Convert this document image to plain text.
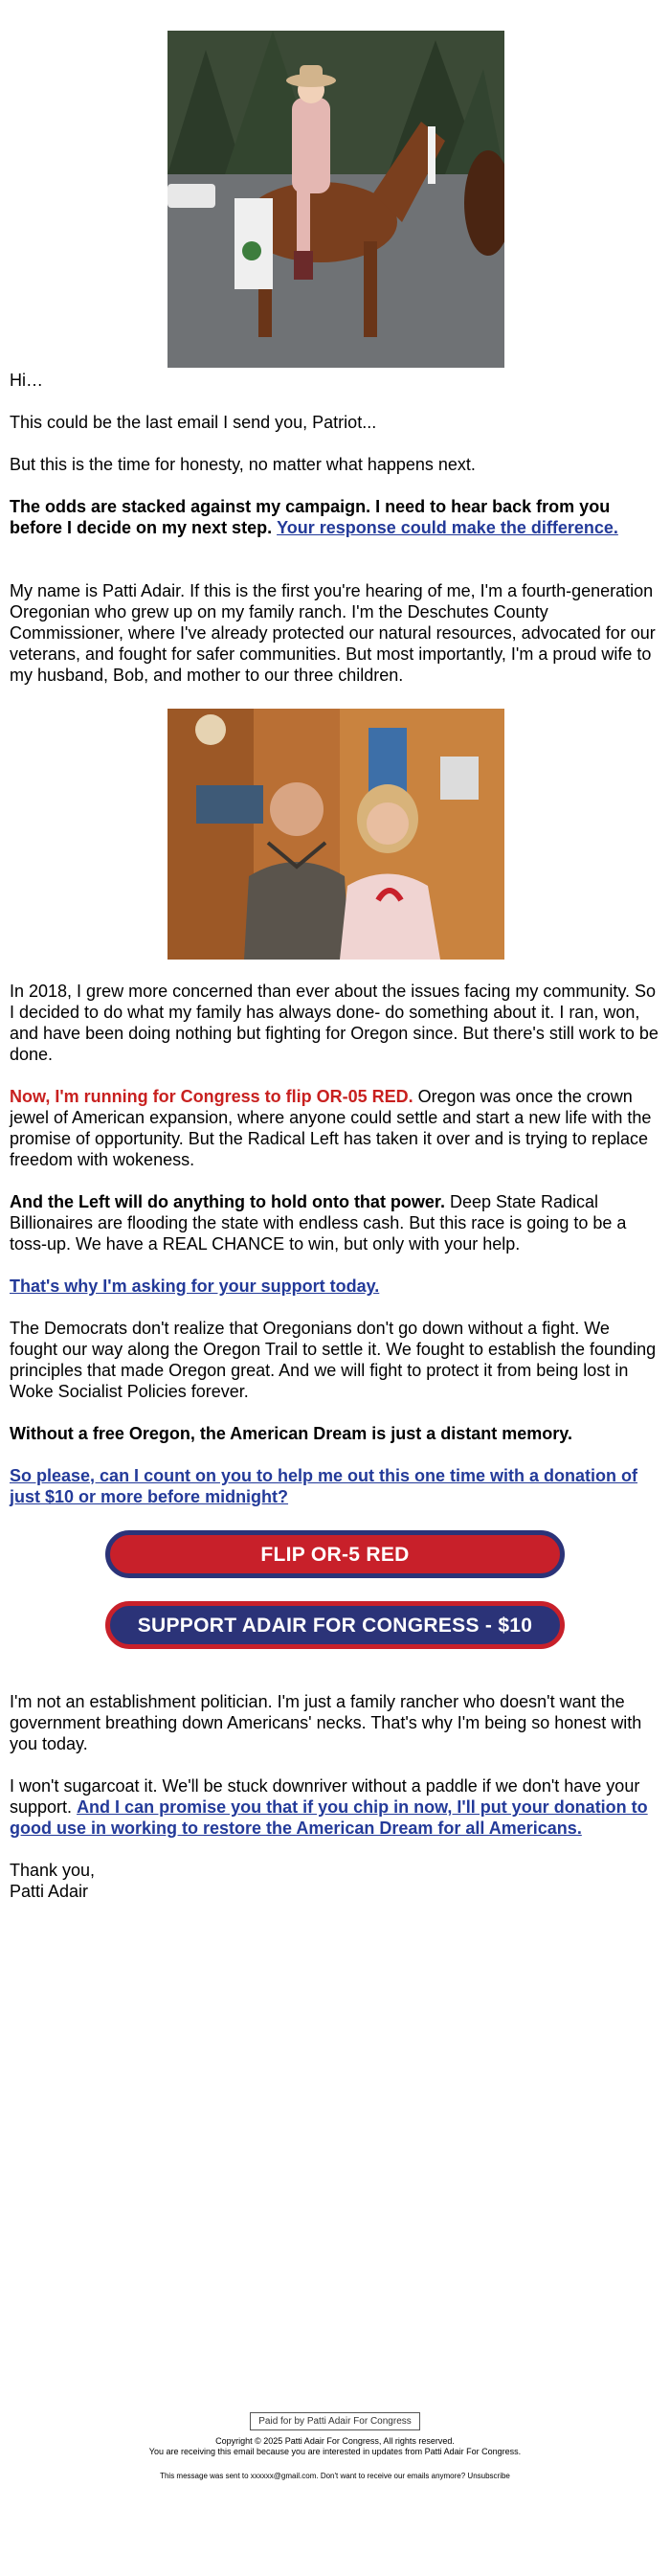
Hi…

This could be the last email I send you, Patriot...

But this is the time for honesty, no matter what happens next.

The odds are stacked against my campaign. I need to hear back from you before I decide on my next step. Your response could make the difference.

My name is Patti Adair. If this is the first you're hearing of me, I'm a fourth-generation Oregonian who grew up on my family ranch. I'm the Deschutes County Commissioner, where I've already protected our natural resources, advocated for our veterans, and fought for safer communities. But most importantly, I'm a proud wife to my husband, Bob, and mother to our three children.

In 2018, I grew more concerned than ever about the issues facing my community. So I decided to do what my family has always done- do something about it. I ran, won, and have been doing nothing but fighting for Oregon since. But there's still work to be done.

Now, I'm running for Congress to flip OR-05 RED. Oregon was once the crown jewel of American expansion, where anyone could settle and start a new life with the promise of opportunity. But the Radical Left has taken it over and is trying to replace freedom with wokeness.

And the Left will do anything to hold onto that power. Deep State Radical Billionaires are flooding the state with endless cash. But this race is going to be a toss-up. We have a REAL CHANCE to win, but only with your help.

That's why I'm asking for your support today.

The Democrats don't realize that Oregonians don't go down without a fight. We fought our way along the Oregon Trail to settle it. We fought to establish the founding principles that made Oregon great. And we will fight to protect it from being lost in Woke Socialist Policies forever.

Without a free Oregon, the American Dream is just a distant memory.

So please, can I count on you to help me out this one time with a donation of just $10 or more before midnight?

FLIP OR-5 RED
SUPPORT ADAIR FOR CONGRESS - $10

I'm not an establishment politician. I'm just a family rancher who doesn't want the government breathing down Americans' necks. That's why I'm being so honest with you today.

I won't sugarcoat it. We'll be stuck downriver without a paddle if we don't have your support. And I can promise you that if you chip in now, I'll put your donation to good use in working to restore the American Dream for all Americans.

Thank you,

Patti Adair

Paid for by Patti Adair For Congress
Copyright © 2025 Patti Adair For Congress, All rights reserved.
You are receiving this email because you are interested in updates from Patti Adair For Congress.
This message was sent to xxxxxx@gmail.com. Don't want to receive our emails anymore? Unsubscribe
